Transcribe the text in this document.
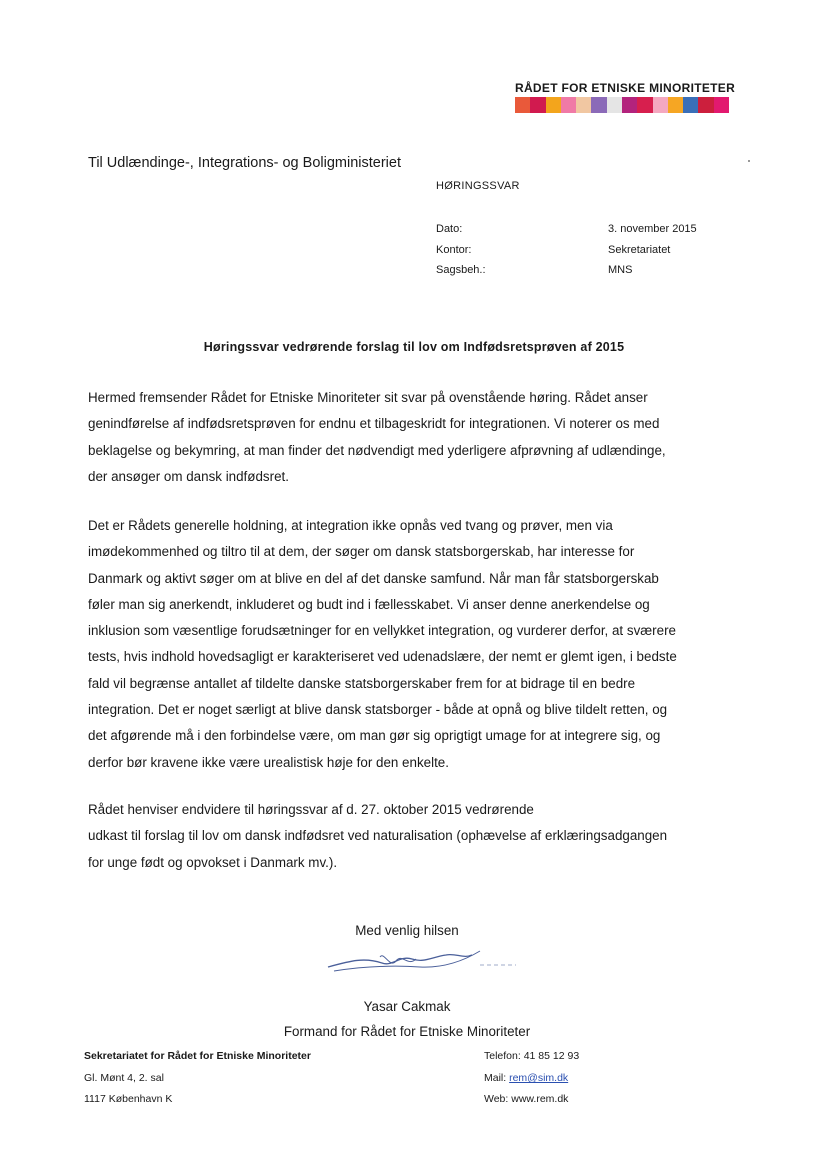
RÅDET FOR ETNISKE MINORITETER
Til Udlændinge-, Integrations- og Boligministeriet
HØRINGSSVAR
Dato:	3. november 2015
Kontor:	Sekretariatet
Sagsbeh.:	MNS
Høringssvar vedrørende forslag til lov om Indfødsretsprøven af 2015
Hermed fremsender Rådet for Etniske Minoriteter sit svar på ovenstående høring. Rådet anser
genindførelse af indfødsretsprøven for endnu et tilbageskridt for integrationen. Vi noterer os med
beklagelse og bekymring, at man finder det nødvendigt med yderligere afprøvning af udlændinge,
der ansøger om dansk indfødsret.
Det er Rådets generelle holdning, at integration ikke opnås ved tvang og prøver, men via
imødekommenhed og tiltro til at dem, der søger om dansk statsborgerskab, har interesse for
Danmark og aktivt søger om at blive en del af det danske samfund. Når man får statsborgerskab
føler man sig anerkendt, inkluderet og budt ind i fællesskabet. Vi anser denne anerkendelse og
inklusion som væsentlige forudsætninger for en vellykket integration, og vurderer derfor, at sværere
tests, hvis indhold hovedsagligt er karakteriseret ved udenadslære, der nemt er glemt igen, i bedste
fald vil begrænse antallet af tildelte danske statsborgerskaber frem for at bidrage til en bedre
integration. Det er noget særligt at blive dansk statsborger - både at opnå og blive tildelt retten, og
det afgørende må i den forbindelse være, om man gør sig oprigtigt umage for at integrere sig, og
derfor bør kravene ikke være urealistisk høje for den enkelte.
Rådet henviser endvidere til høringssvar af d. 27. oktober 2015 vedrørende
udkast til forslag til lov om dansk indfødsret ved naturalisation (ophævelse af erklæringsadgangen
for unge født og opvokset i Danmark mv.).
Med venlig hilsen
Yasar Cakmak
Formand for Rådet for Etniske Minoriteter
Sekretariatet for Rådet for Etniske Minoriteter
Gl. Mønt 4, 2. sal
1117 København K
Telefon: 41 85 12 93
Mail: rem@sim.dk
Web: www.rem.dk
